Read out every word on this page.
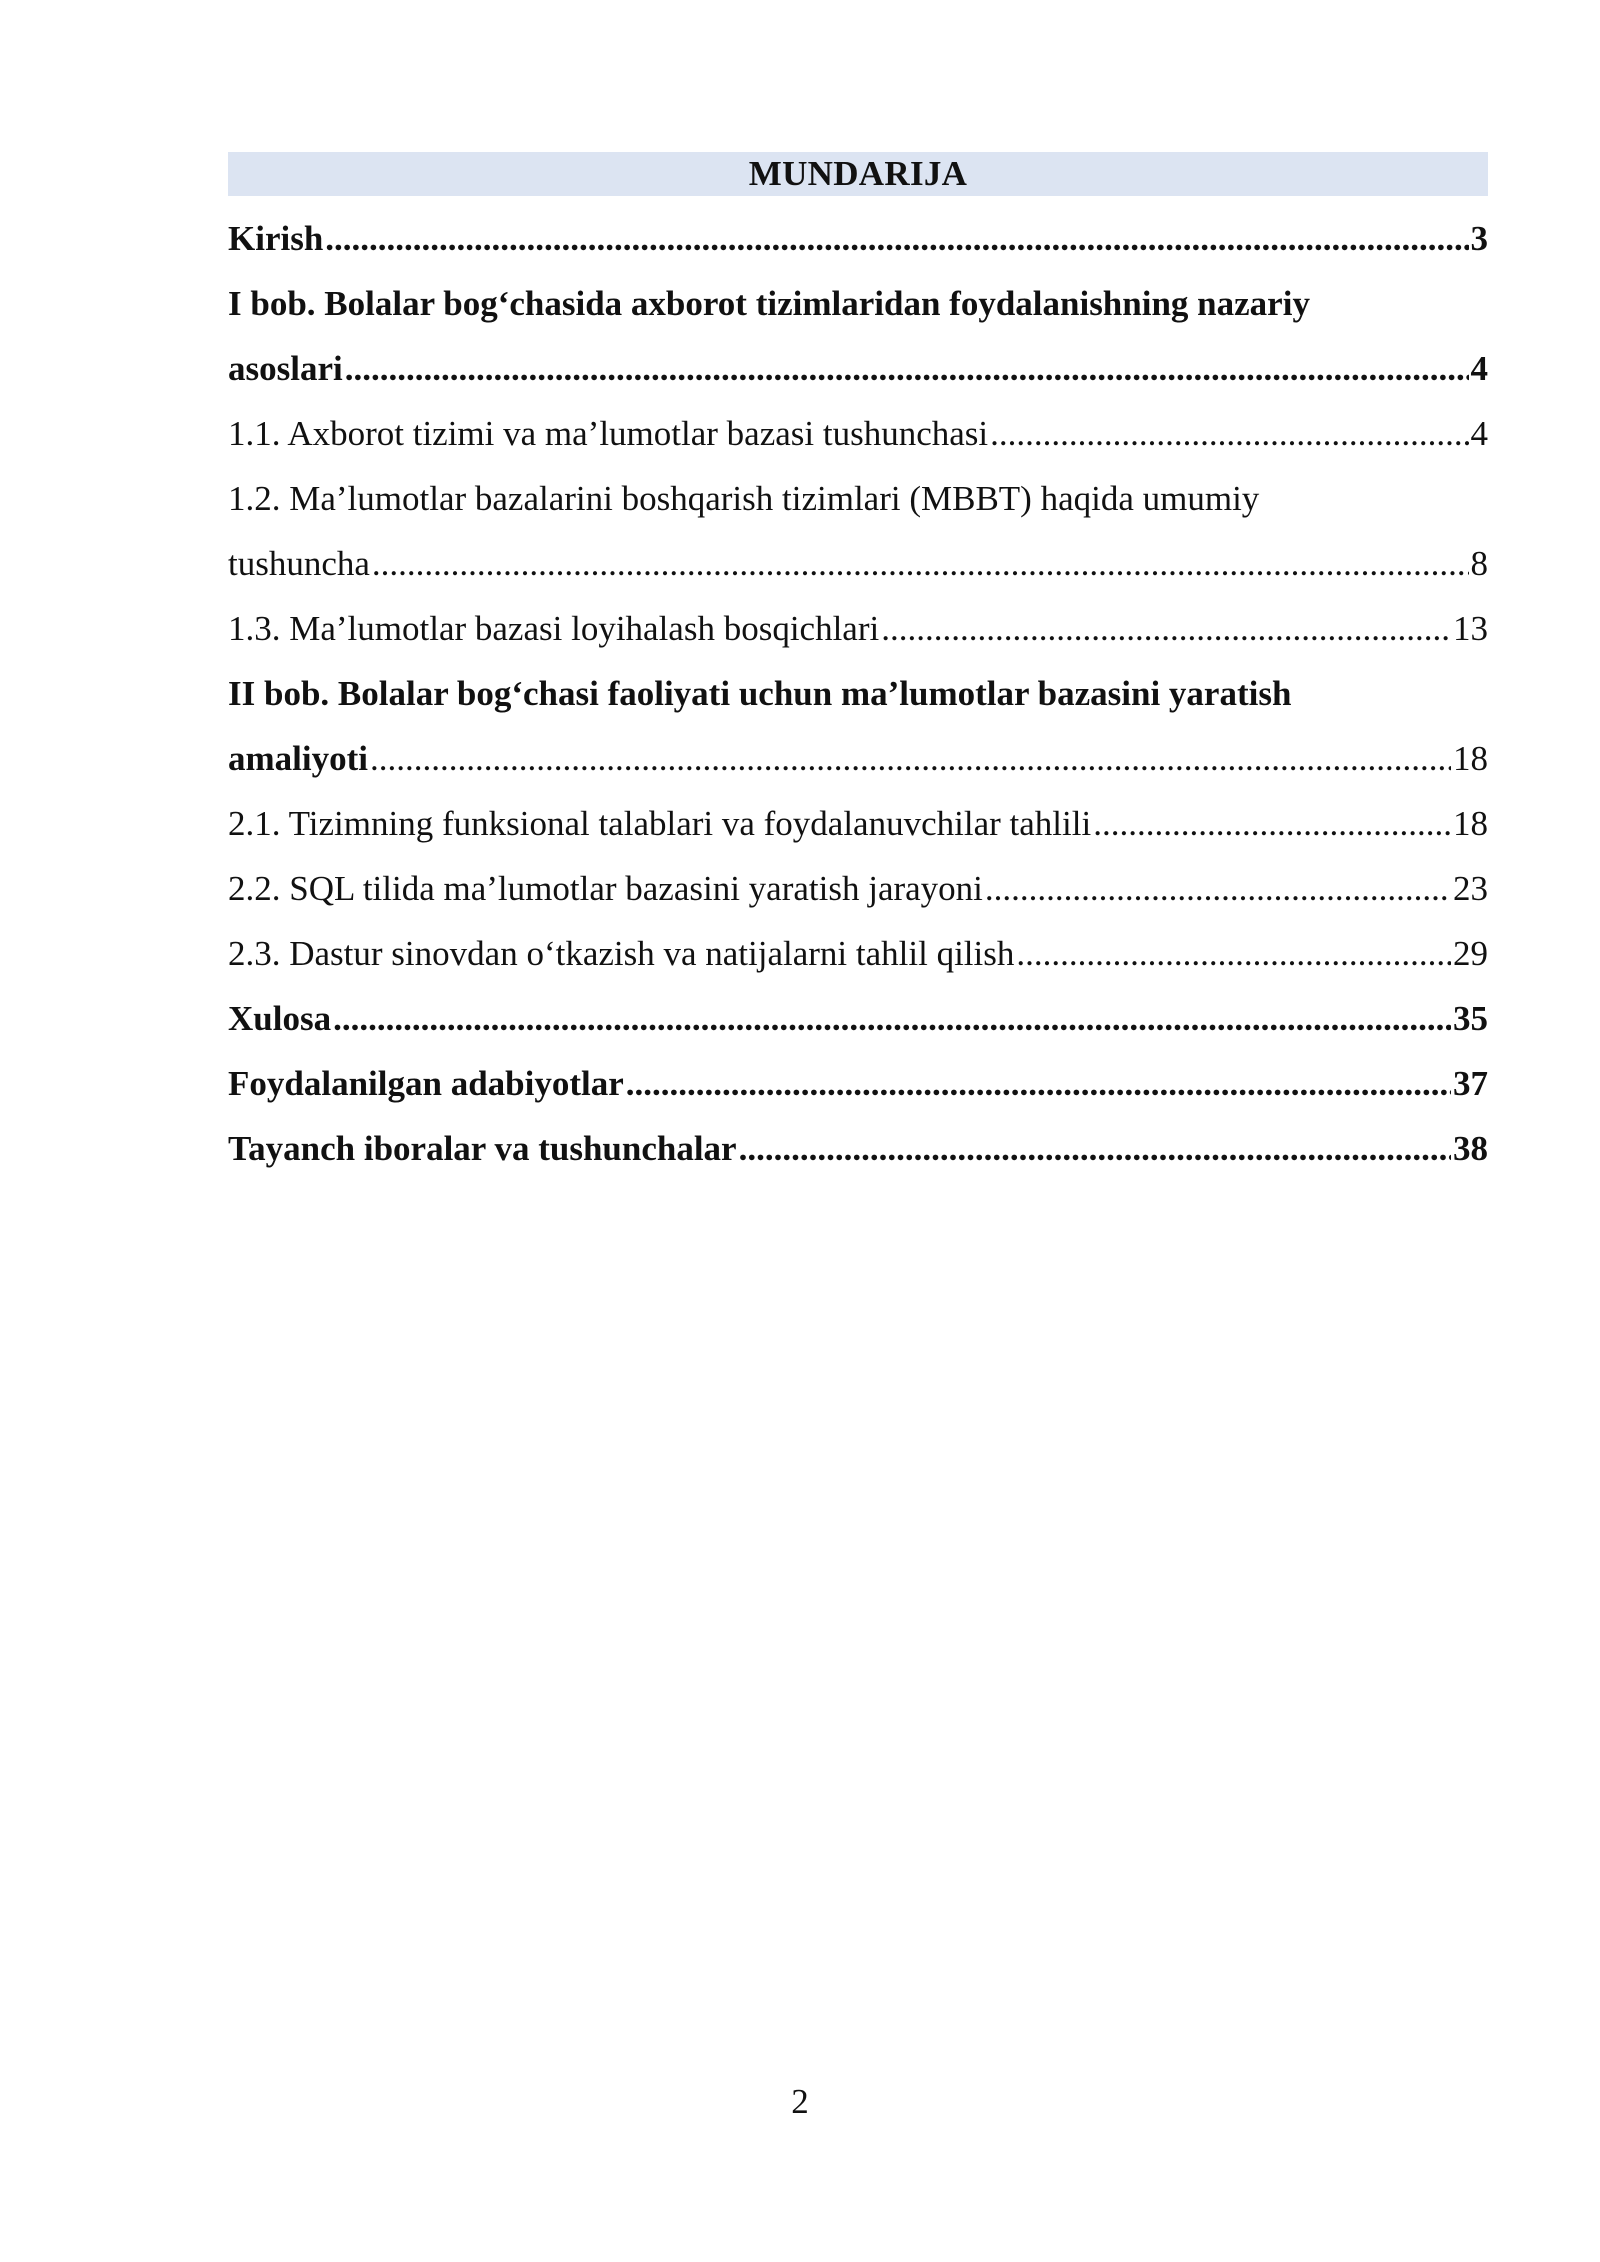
MUNDARIJA
Kirish .....	3
I bob. Bolalar bog‘chasida axborot tizimlaridan foydalanishning nazariy
asoslari .....	4
1.1. Axborot tizimi va ma’lumotlar bazasi tushunchasi .....	4
1.2. Ma’lumotlar bazalarini boshqarish tizimlari (MBBT) haqida umumiy
tushuncha .....	8
1.3. Ma’lumotlar bazasi loyihalash bosqichlari .....	13
II bob. Bolalar bog‘chasi faoliyati uchun ma’lumotlar bazasini yaratish
amaliyoti .....	18
2.1. Tizimning funksional talablari va foydalanuvchilar tahlili .....	18
2.2. SQL tilida ma’lumotlar bazasini yaratish jarayoni .....	23
2.3. Dastur sinovdan o‘tkazish va natijalarni tahlil qilish .....	29
Xulosa .....	35
Foydalanilgan adabiyotlar .....	37
Tayanch iboralar va tushunchalar .....	38
2
